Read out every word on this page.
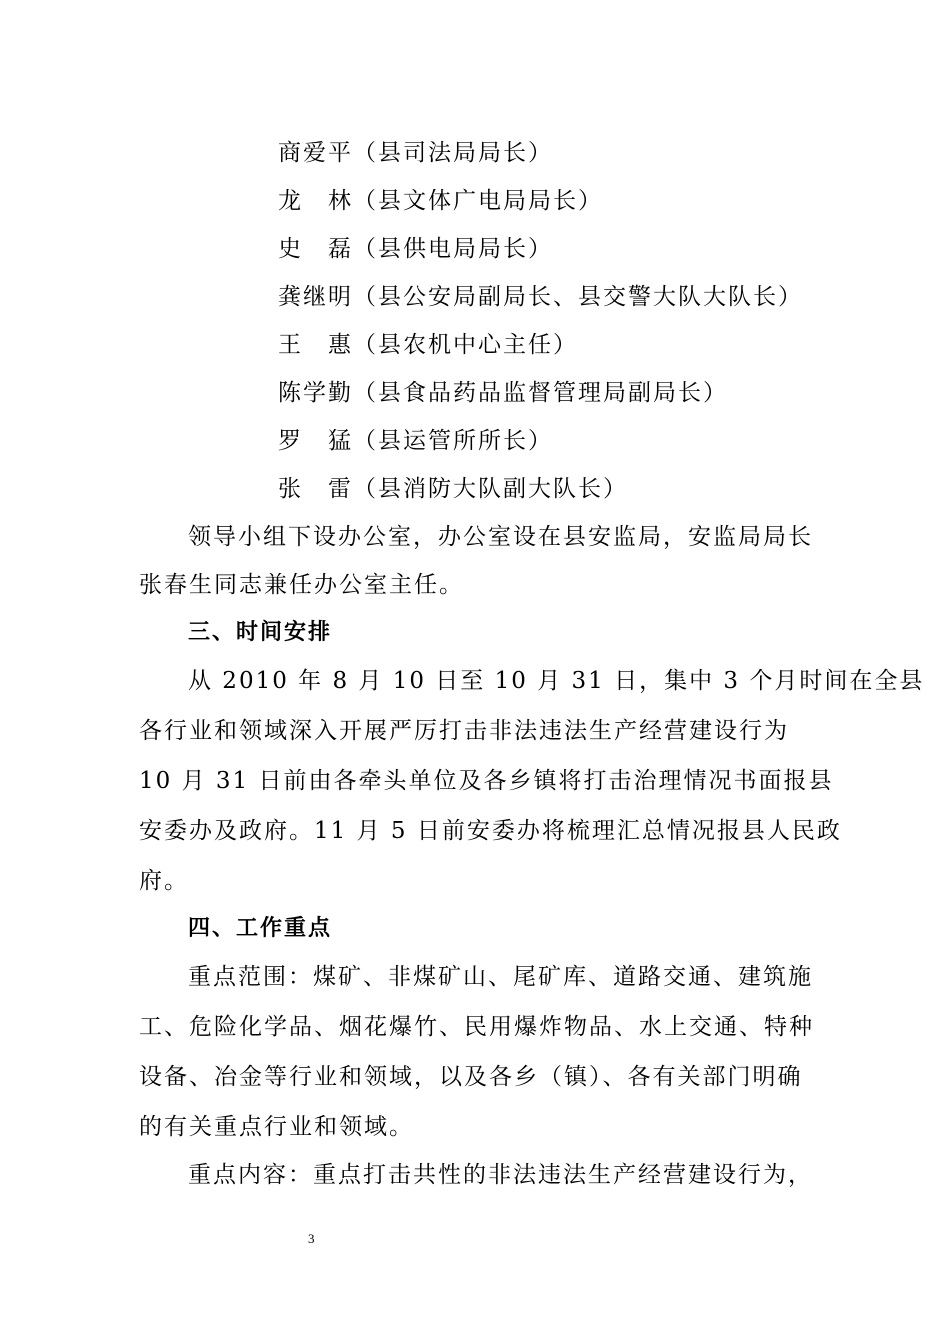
商爱平（县司法局局长）
龙　林（县文体广电局局长）
史　磊（县供电局局长）
龚继明（县公安局副局长、县交警大队大队长）
王　惠（县农机中心主任）
陈学勤（县食品药品监督管理局副局长）
罗　猛（县运管所所长）
张　雷（县消防大队副大队长）
领导小组下设办公室，办公室设在县安监局，安监局局长
张春生同志兼任办公室主任。
三、时间安排
从 2010 年 8 月 10 日至 10 月 31 日，集中 3 个月时间在全县
各行业和领域深入开展严厉打击非法违法生产经营建设行为
10 月 31 日前由各牵头单位及各乡镇将打击治理情况书面报县
安委办及政府。11 月 5 日前安委办将梳理汇总情况报县人民政
府。
四、工作重点
重点范围：煤矿、非煤矿山、尾矿库、道路交通、建筑施
工、危险化学品、烟花爆竹、民用爆炸物品、水上交通、特种
设备、冶金等行业和领域，以及各乡（镇）、各有关部门明确
的有关重点行业和领域。
重点内容：重点打击共性的非法违法生产经营建设行为，
3
